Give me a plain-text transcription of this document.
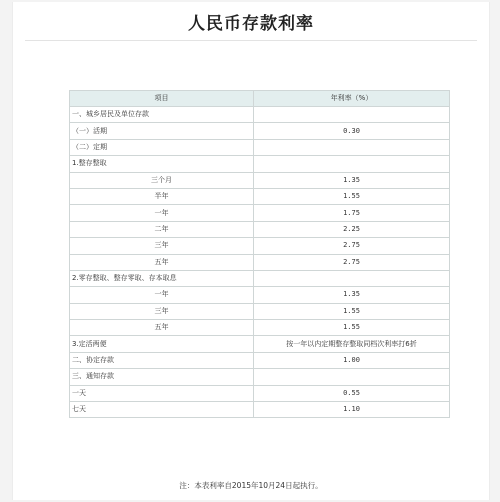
人民币存款利率
项目	年利率（%）
一、城乡居民及单位存款	
（一）活期	0.30
（二）定期	
1.整存整取	
三个月	1.35
半年	1.55
一年	1.75
二年	2.25
三年	2.75
五年	2.75
2.零存整取、整存零取、存本取息	
一年	1.35
三年	1.55
五年	1.55
3.定活两便	按一年以内定期整存整取同档次利率打6折
二、协定存款	1.00
三、通知存款	
一天	0.55
七天	1.10
注：本表利率自2015年10月24日起执行。
